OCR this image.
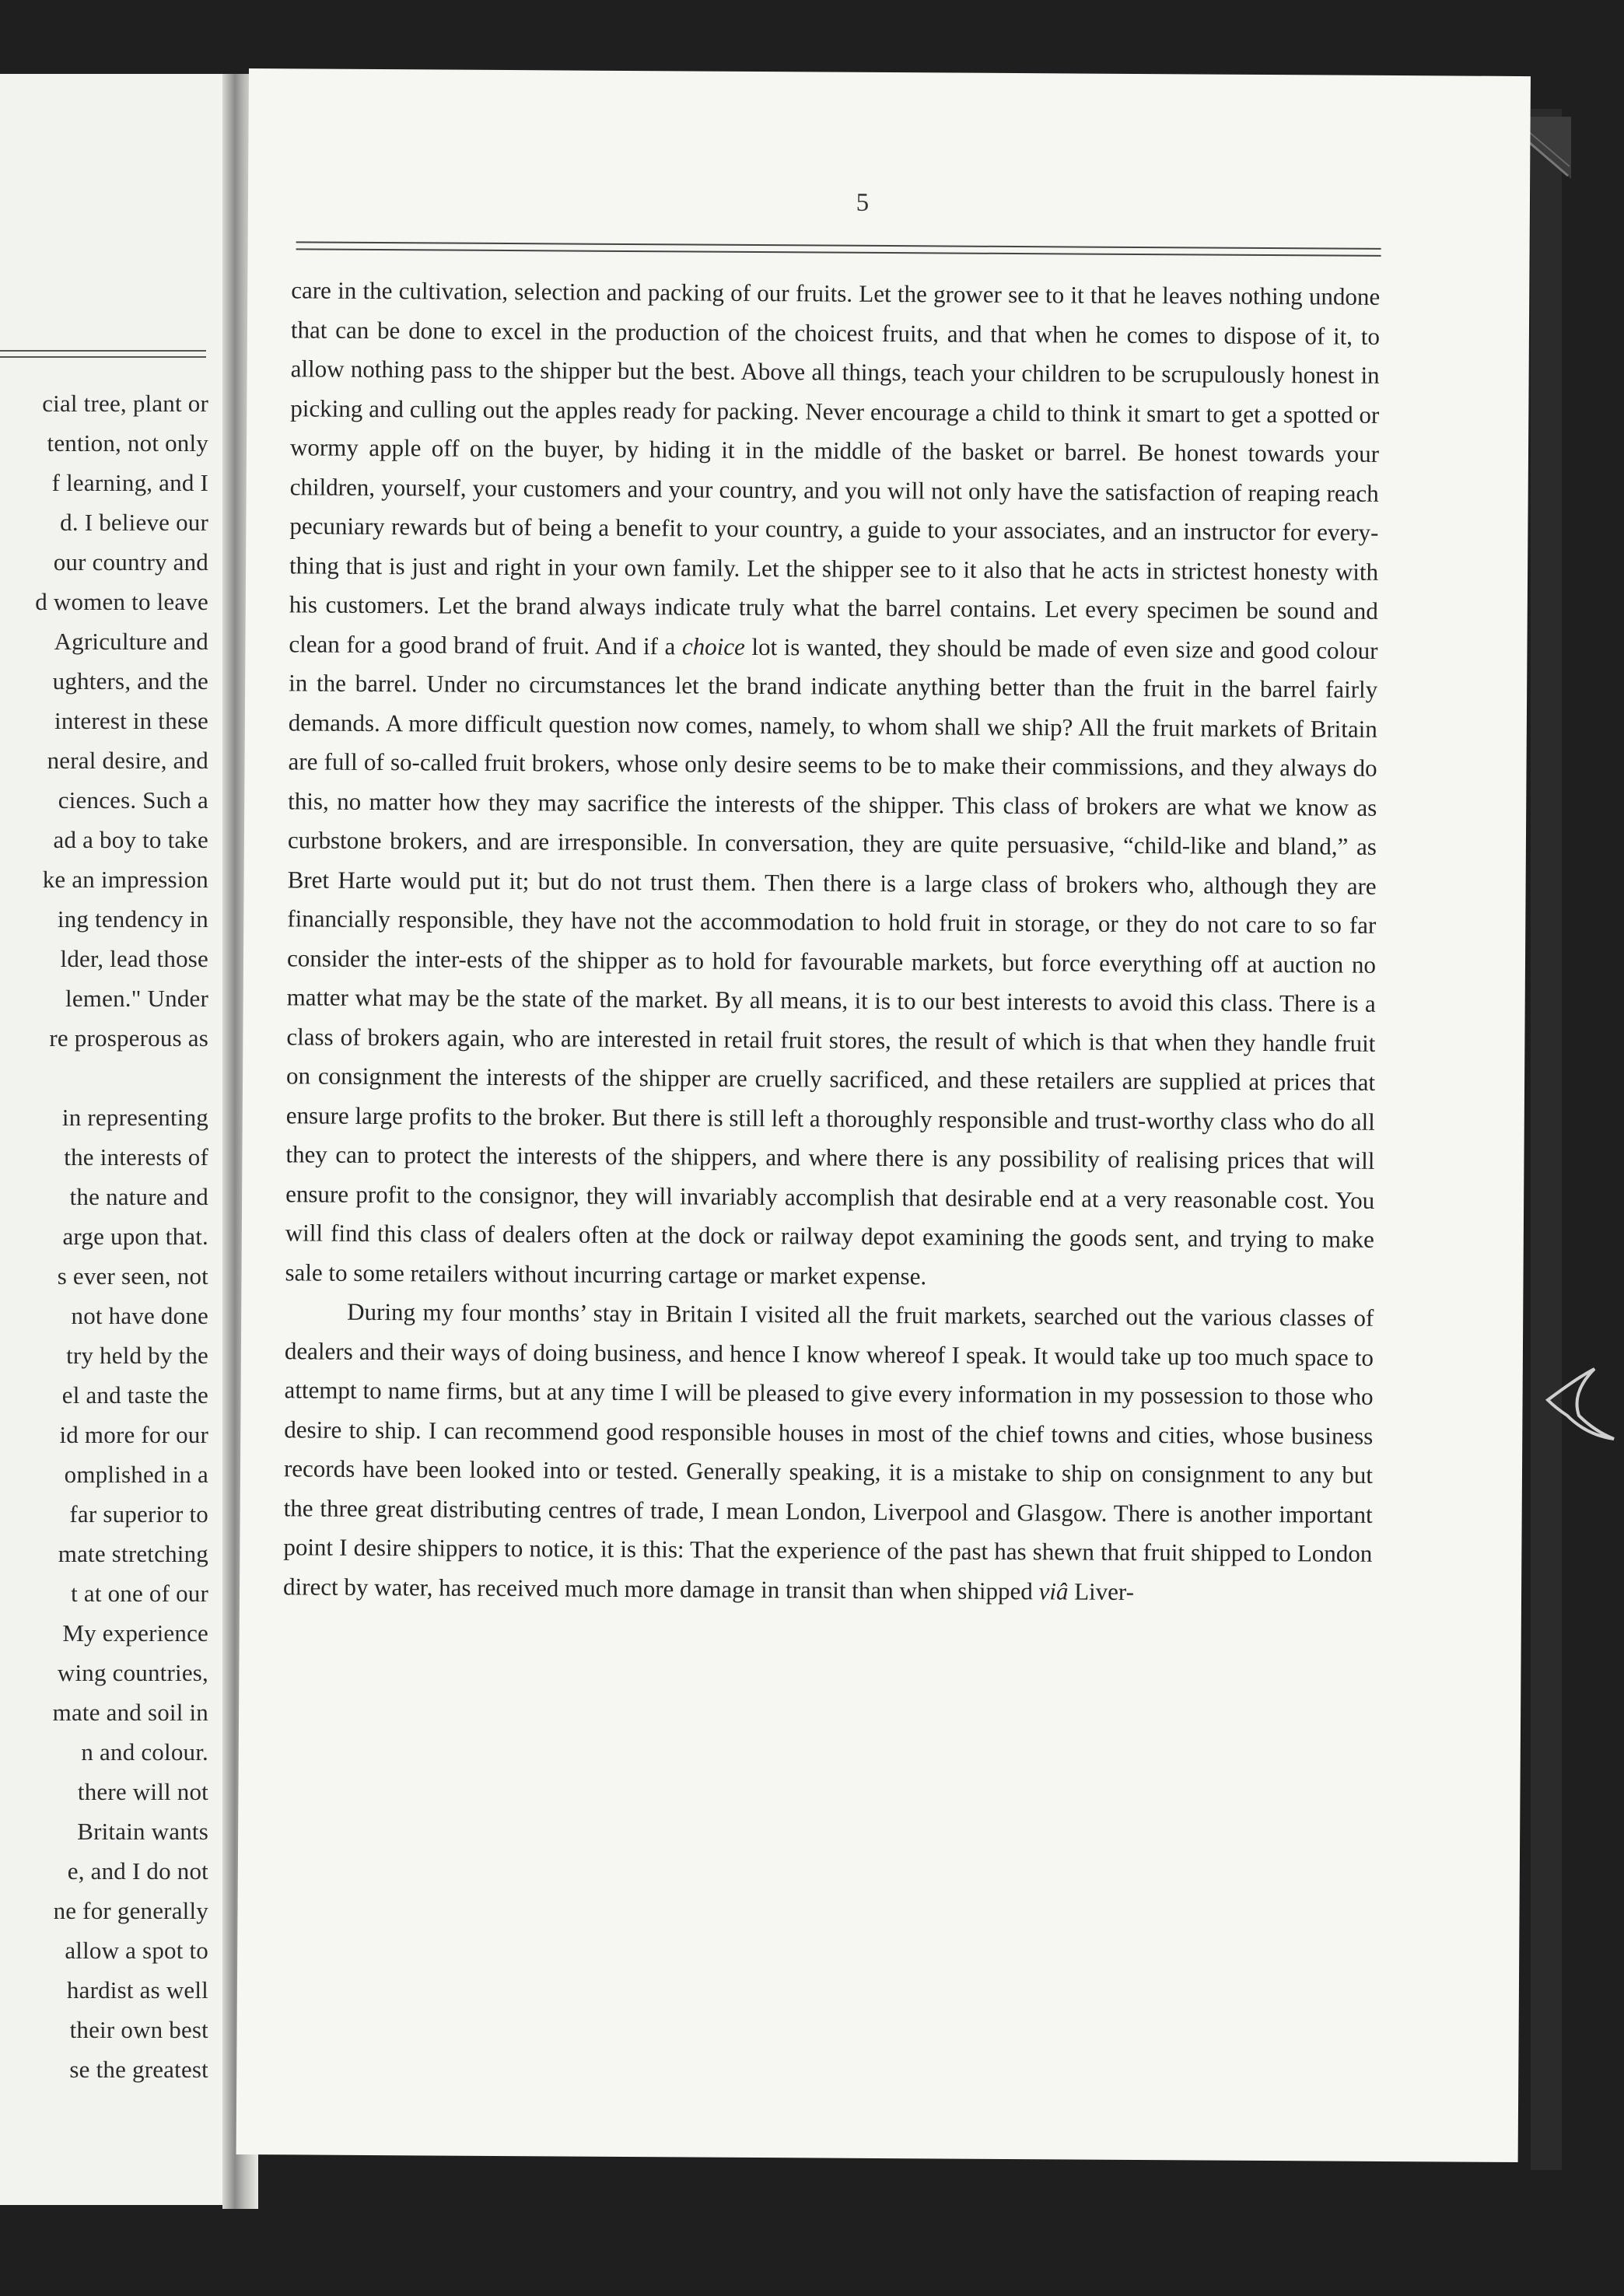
cial tree, plant or
tention, not only
f learning, and I
d. I believe our
our country and
d women to leave
Agriculture and
ughters, and the
interest in these
neral desire, and
ciences. Such a
ad a boy to take
ke an impression
ing tendency in
lder, lead those
lemen." Under
re prosperous as
in representing
the interests of
the nature and
arge upon that.
s ever seen, not
not have done
try held by the
el and taste the
id more for our
omplished in a
far superior to
mate stretching
t at one of our
My experience
wing countries,
mate and soil in
n and colour.
there will not
Britain wants
e, and I do not
ne for generally
allow a spot to
hardist as well
their own best
se the greatest
5

care in the cultivation, selection and packing of our fruits. Let the grower see to it that he leaves nothing undone that can be done to excel in the production of the choicest fruits, and that when he comes to dispose of it, to allow nothing pass to the shipper but the best. Above all things, teach your children to be scrupulously honest in picking and culling out the apples ready for packing. Never encourage a child to think it smart to get a spotted or wormy apple off on the buyer, by hiding it in the middle of the basket or barrel. Be honest towards your children, yourself, your customers and your country, and you will not only have the satisfaction of reaping reach pecuniary rewards but of being a benefit to your country, a guide to your associates, and an instructor for every-thing that is just and right in your own family. Let the shipper see to it also that he acts in strictest honesty with his customers. Let the brand always indicate truly what the barrel contains. Let every specimen be sound and clean for a good brand of fruit. And if a choice lot is wanted, they should be made of even size and good colour in the barrel. Under no circumstances let the brand indicate anything better than the fruit in the barrel fairly demands. A more difficult question now comes, namely, to whom shall we ship? All the fruit markets of Britain are full of so-called fruit brokers, whose only desire seems to be to make their commissions, and they always do this, no matter how they may sacrifice the interests of the shipper. This class of brokers are what we know as curbstone brokers, and are irresponsible. In conversation, they are quite persuasive, “child-like and bland,” as Bret Harte would put it; but do not trust them. Then there is a large class of brokers who, although they are financially responsible, they have not the accommodation to hold fruit in storage, or they do not care to so far consider the inter-ests of the shipper as to hold for favourable markets, but force everything off at auction no matter what may be the state of the market. By all means, it is to our best interests to avoid this class. There is a class of brokers again, who are interested in retail fruit stores, the result of which is that when they handle fruit on consignment the interests of the shipper are cruelly sacrificed, and these retailers are supplied at prices that ensure large profits to the broker. But there is still left a thoroughly responsible and trust-worthy class who do all they can to protect the interests of the shippers, and where there is any possibility of realising prices that will ensure profit to the consignor, they will invariably accomplish that desirable end at a very reasonable cost. You will find this class of dealers often at the dock or railway depot examining the goods sent, and trying to make sale to some retailers without incurring cartage or market expense.

During my four months’ stay in Britain I visited all the fruit markets, searched out the various classes of dealers and their ways of doing business, and hence I know whereof I speak. It would take up too much space to attempt to name firms, but at any time I will be pleased to give every information in my possession to those who desire to ship. I can recommend good responsible houses in most of the chief towns and cities, whose business records have been looked into or tested. Generally speaking, it is a mistake to ship on consignment to any but the three great distributing centres of trade, I mean London, Liverpool and Glasgow. There is another important point I desire shippers to notice, it is this: That the experience of the past has shewn that fruit shipped to London direct by water, has received much more damage in transit than when shipped viâ Liver-
